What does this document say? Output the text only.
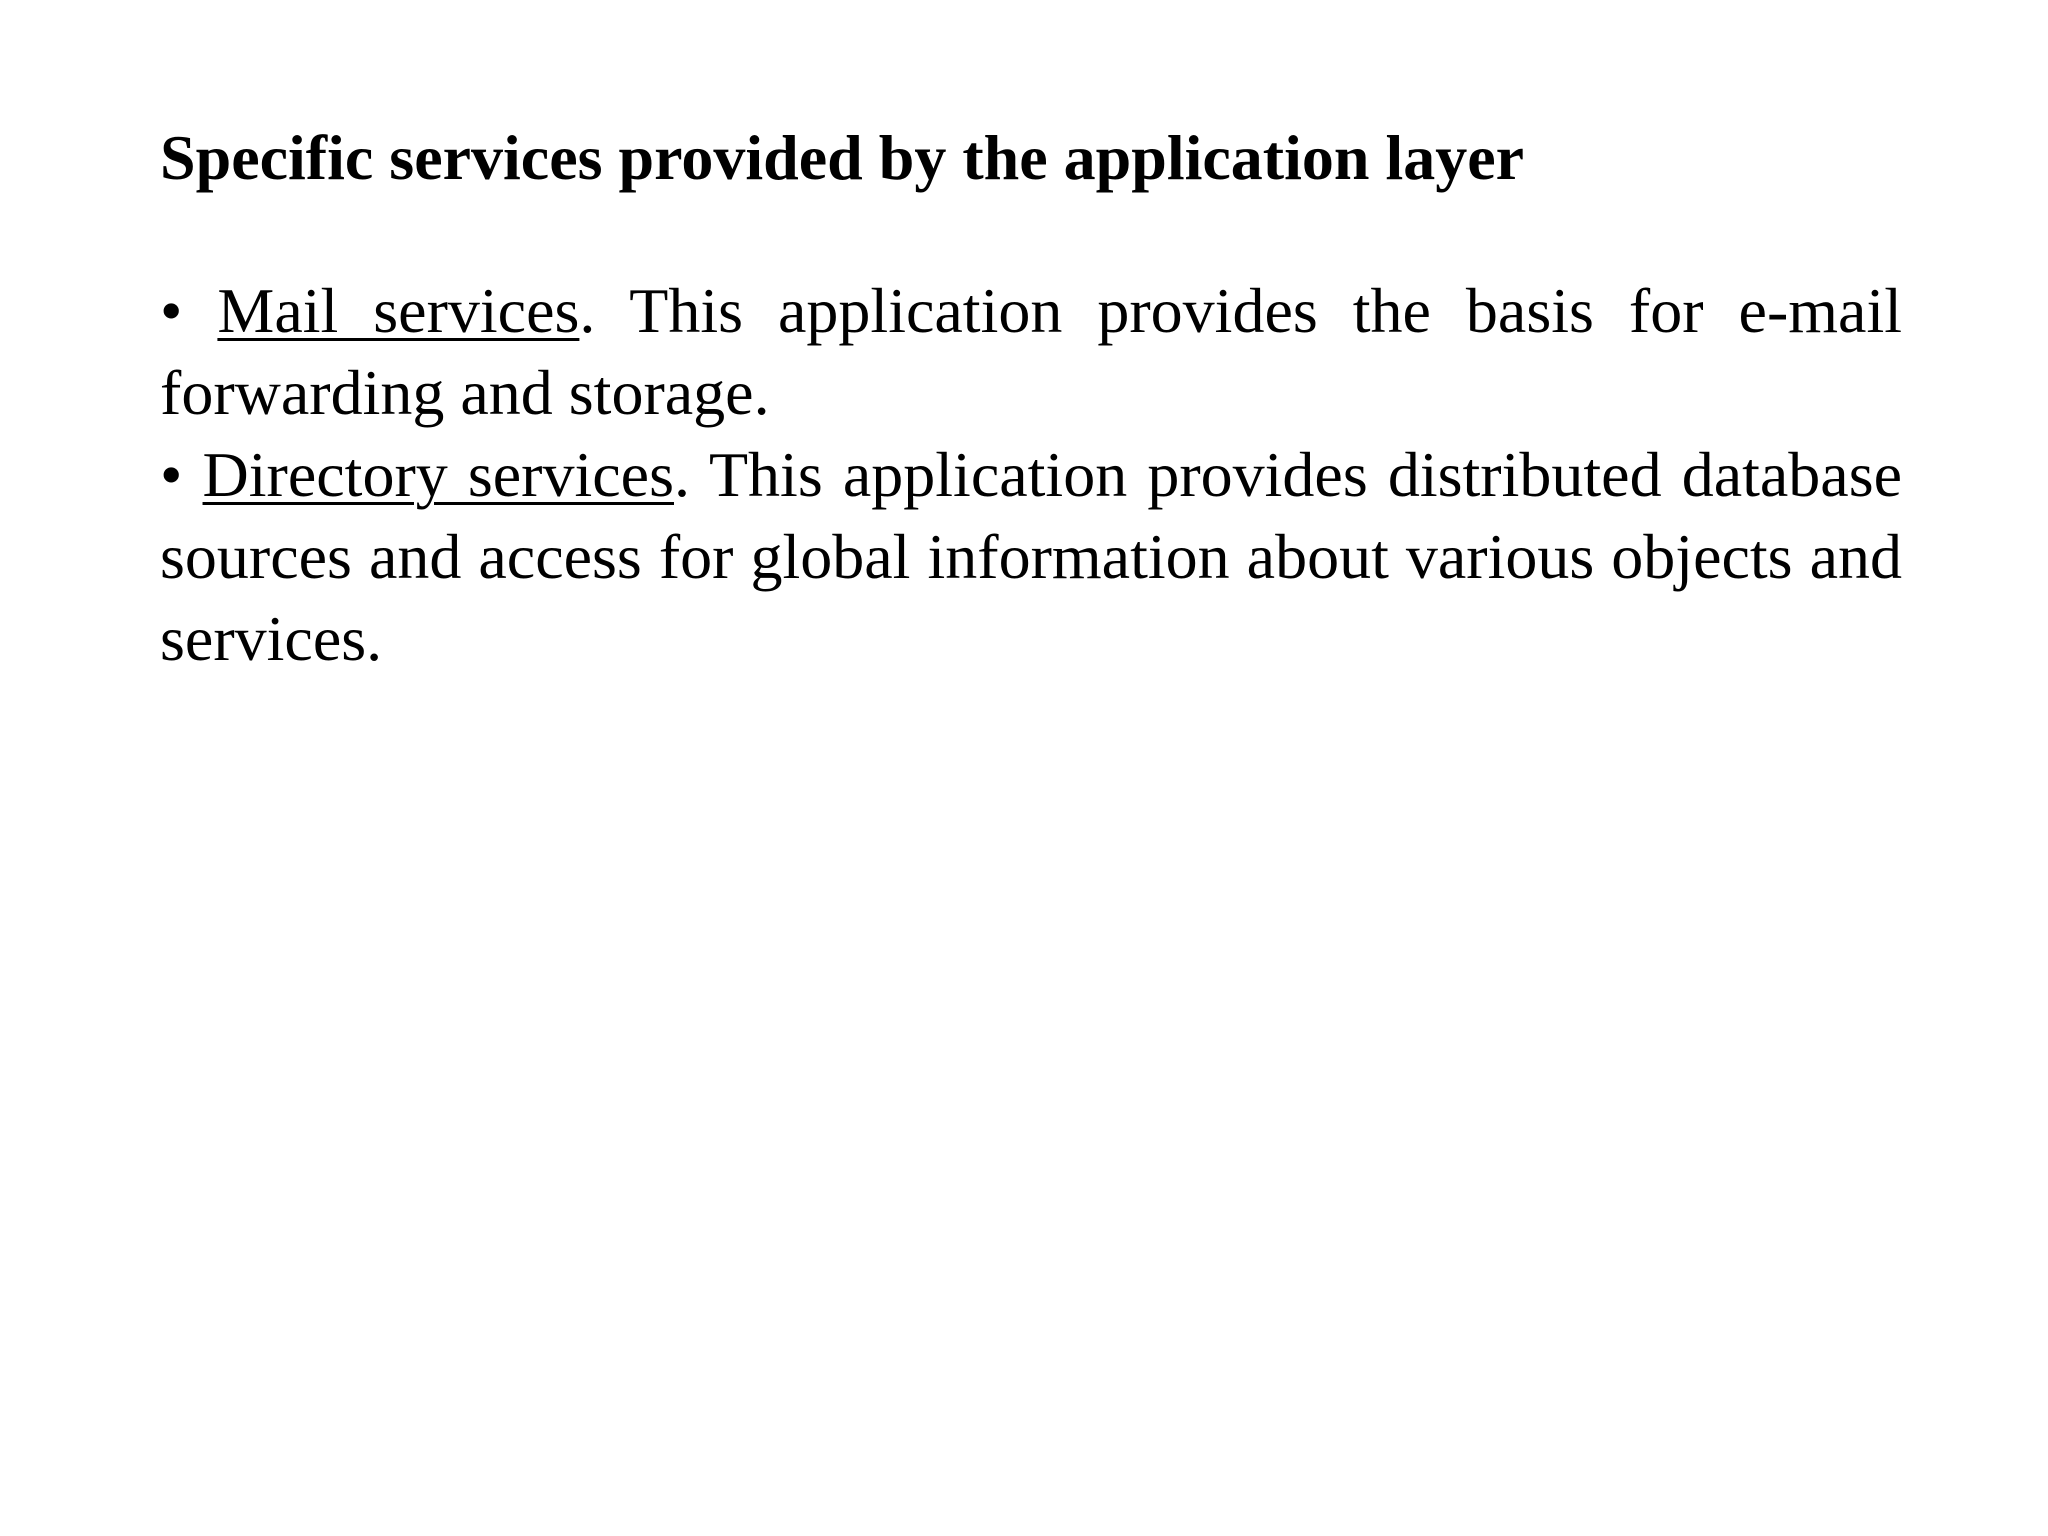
Specific services provided by the application layer

• Mail services. This application provides the basis for e-mail forwarding and storage.

• Directory services. This application provides distributed database sources and access for global information about various objects and services.
